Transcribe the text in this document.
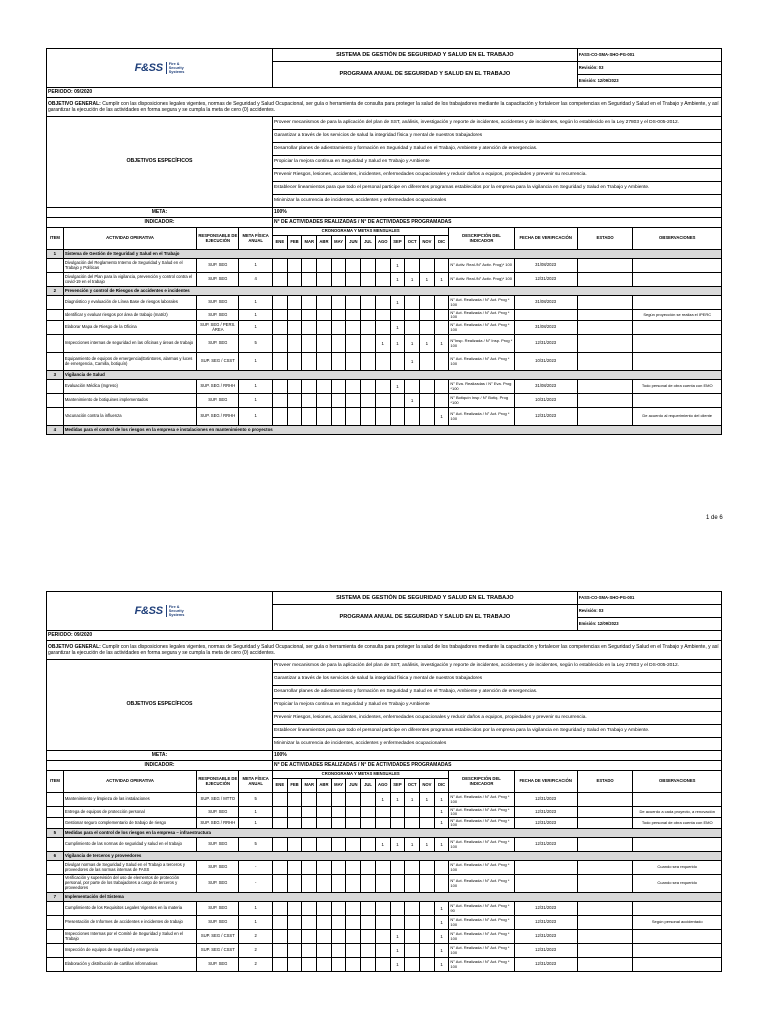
F&SS Fire &
Security
Systems				SISTEMA DE GESTIÓN DE SEGURIDAD Y SALUD EN EL TRABAJO														FASS-CO-SMA-SHO-PG-001	
				PROGRAMA ANUAL DE SEGURIDAD Y SALUD EN EL TRABAJO														Revisión: 03	
																		Emisión: 12/09/2023	
PERIODO: 09/2020																			
OBJETIVO GENERAL: Cumplir con las disposiciones legales vigentes, normas de Seguridad y Salud Ocupacional, ser guía o herramienta de consulta para proteger la salud de los trabajadores mediante la capacitación y fortalecer las competencias en Seguridad y Salud en el Trabajo y Ambiente, y así garantizar la ejecución de las actividades en forma segura y se cumpla la meta de cero (0) accidentes.																			
OBJETIVOS ESPECÍFICOS				Proveer mecanismos de para la aplicación del plan de SST, análisis, investigación y reporte de incidentes, accidentes y de incidentes, según lo establecido en la Ley 27803 y el DS-005-2012.															
				Garantizar a través de los servicios de salud la integridad física y mental de nuestros trabajadores															
				Desarrollar planes de adiestramiento y formación en Seguridad y Salud en el Trabajo, Ambiente y atención de emergencias.															
				Propiciar la mejora continua en Seguridad y Salud en Trabajo y Ambiente															
				Prevenir Riesgos, lesiones, accidentes, incidentes, enfermedades ocupacionales y reducir daños a equipos, propiedades y prevenir su recurrencia.															
				Establecer lineamientos para que todo el personal participe en diferentes programas establecidos por la empresa para la vigilancia en Seguridad y Salud en Trabajo y Ambiente.															
				Minimizar la ocurrencia de incidentes, accidentes y enfermedades ocupacionales															
META:				100%															
INDICADOR:				N° DE ACTIVIDADES REALIZADAS / N° DE ACTIVIDADES PROGRAMADAS															
ITEM	ACTIVIDAD OPERATIVA	RESPONSABLE DE EJECUCIÓN	META FÍSICA ANUAL	CRONOGRAMA Y METAS MENSUALES												DESCRIPCIÓN DEL INDICADOR	FECHA DE VERIFICACIÓN	ESTADO	OBSERVACIONES
				ENE	FEB	MAR	ABR	MAY	JUN	JUL	AGO	SEP	OCT	NOV	DIC				
1	Sistema de Gestión de Seguridad y Salud en el Trabajo																		
	Divulgación del Reglamento Interno de Seguridad y Salud en el Trabajo y Políticas	SUP. SEG	1									1				N° Activ. Real./N° Activ. Prog)* 100	31/08/2023		
	Divulgación del Plan para la vigilancia, prevención y control contra el covid-19 en el trabajo	SUP. SEG	4									1	1	1	1	N° Activ. Real./N° Activ. Prog)* 100	12/31/2023		
2	Prevención y control de Riesgos de accidentes e incidentes																		
	Diagnóstico y evaluación de Línea Base de riesgos laborales	SUP. SEG	1									1				N° Act. Realizada / N° Act. Prog * 100	31/08/2023		
	Identificar y evaluar riesgos por área de trabajo (matriz)	SUP. SEG	1													N° Act. Realizada / N° Act. Prog * 100			Según proyección se realiza el IPERC
	Elaborar Mapa de Riesgo de la Oficina	SUP. SEG / PERS. ÁREA	1									1				N° Act. Realizada / N° Act. Prog * 100	31/08/2023		
	Inspecciones internas de seguridad en las oficinas y áreas de trabajo	SUP. SEG	5								1	1	1	1	1	N°Insp. Realizada / N° Insp. Prog * 100	12/31/2023		
	Equipamiento de equipos de emergencia(Extintores, alarmas y luces de emergencia, Camilla, botiquín)	SUP. SEG / CSST	1										1			N° Act. Realizada / N° Act. Prog * 100	10/31/2023		
3	Vigilancia de Salud																		
	Evaluación Médica (Ingreso)	SUP. SEG / RRHH	1									1				N° Eva. Realizadas / N° Eva. Prog *100	31/08/2023		Todo personal de obra cuenta con EMO
	Mantenimiento de botiquines implementados	SUP. SEG	1										1			N° Botiquín Insp / N° Botiq. Prog *100	10/31/2023		
	Vacunación contra la influenza	SUP. SEG / RRHH	1												1	N° Act. Realizada / N° Act. Prog * 100	12/31/2023		De acuerdo al requerimiento del cliente
4	Medidas para el control de los riesgos en la empresa e instalaciones en mantenimiento o proyectos																		
F&SS Fire &
Security
Systems				SISTEMA DE GESTIÓN DE SEGURIDAD Y SALUD EN EL TRABAJO														FASS-CO-SMA-SHO-PG-001	
				PROGRAMA ANUAL DE SEGURIDAD Y SALUD EN EL TRABAJO														Revisión: 03	
																		Emisión: 12/09/2023	
PERIODO: 09/2020																			
OBJETIVO GENERAL: Cumplir con las disposiciones legales vigentes, normas de Seguridad y Salud Ocupacional, ser guía o herramienta de consulta para proteger la salud de los trabajadores mediante la capacitación y fortalecer las competencias en Seguridad y Salud en el Trabajo y Ambiente, y así garantizar la ejecución de las actividades en forma segura y se cumpla la meta de cero (0) accidentes.																			
OBJETIVOS ESPECÍFICOS				Proveer mecanismos de para la aplicación del plan de SST, análisis, investigación y reporte de incidentes, accidentes y de incidentes, según lo establecido en la Ley 27803 y el DS-005-2012.															
				Garantizar a través de los servicios de salud la integridad física y mental de nuestros trabajadores															
				Desarrollar planes de adiestramiento y formación en Seguridad y Salud en el Trabajo, Ambiente y atención de emergencias.															
				Propiciar la mejora continua en Seguridad y Salud en Trabajo y Ambiente															
				Prevenir Riesgos, lesiones, accidentes, incidentes, enfermedades ocupacionales y reducir daños a equipos, propiedades y prevenir su recurrencia.															
				Establecer lineamientos para que todo el personal participe en diferentes programas establecidos por la empresa para la vigilancia en Seguridad y Salud en Trabajo y Ambiente.															
				Minimizar la ocurrencia de incidentes, accidentes y enfermedades ocupacionales															
META:				100%															
INDICADOR:				N° DE ACTIVIDADES REALIZADAS / N° DE ACTIVIDADES PROGRAMADAS															
ITEM	ACTIVIDAD OPERATIVA	RESPONSABLE DE EJECUCIÓN	META FÍSICA ANUAL	CRONOGRAMA Y METAS MENSUALES												DESCRIPCIÓN DEL INDICADOR	FECHA DE VERIFICACIÓN	ESTADO	OBSERVACIONES
				ENE	FEB	MAR	ABR	MAY	JUN	JUL	AGO	SEP	OCT	NOV	DIC				
	Mantenimiento y limpieza de las instalaciones	SUP. SEG / MTTO	5								1	1	1	1	1	N° Act. Realizada / N° Act. Prog * 100	12/31/2023		
	Entrega de equipos de protección personal	SUP. SEG	1												1	N° Act. Realizada / N° Act. Prog * 100	12/31/2023		De acuerdo a cada proyecto, a renovación
	Gestionar seguro complementario de trabajo de riesgo	SUP. SEG / RRHH	1												1	N° Act. Realizada / N° Act. Prog * 100	12/31/2023		Todo personal de obra cuenta con EMO
5	Medidas para el control de los riesgos en la empresa – infraestructura																		
	Cumplimiento de las normas de seguridad y salud en el trabajo	SUP. SEG	5								1	1	1	1	1	N° Act. Realizada / N° Act. Prog * 100	12/31/2023		
6	Vigilancia de terceros y proveedores																		
	Divulgar normas de Seguridad y Salud en el Trabajo a terceros y proveedores de las normas internas de FASS	SUP. SEG	-													N° Act. Realizada / N° Act. Prog * 100			Cuando sea requerido
	Verificación y supervisión del uso de elementos de protección personal, por parte de los trabajadores a cargo de terceros y proveedores	SUP. SEG	-													N° Act. Realizada / N° Act. Prog * 100			Cuando sea requerido
7	Implementación del Sistema																		
	Cumplimiento de los Requisitos Legales Vigentes en la materia	SUP. SEG	1												1	N° Act. Realizada / N° Act. Prog * 90	12/31/2023		
	Presentación de Informes de accidentes e incidentes de trabajo	SUP. SEG	1												1	N° Act. Realizada / N° Act. Prog * 100	12/31/2023		Según personal accidentado
	Inspecciones Internas por el Comité de Seguridad y Salud en el Trabajo	SUP. SEG / CSST	2									1			1	N° Act. Realizada / N° Act. Prog * 100	12/31/2023		
	Inspección de equipos de seguridad y emergencia	SUP. SEG / CSST	2									1			1	N° Act. Realizada / N° Act. Prog * 100	12/31/2023		
	Elaboración y distribución de cartillas informativas	SUP. SEG	2									1			1	N° Act. Realizada / N° Act. Prog * 100	12/31/2023		
1 de 6
